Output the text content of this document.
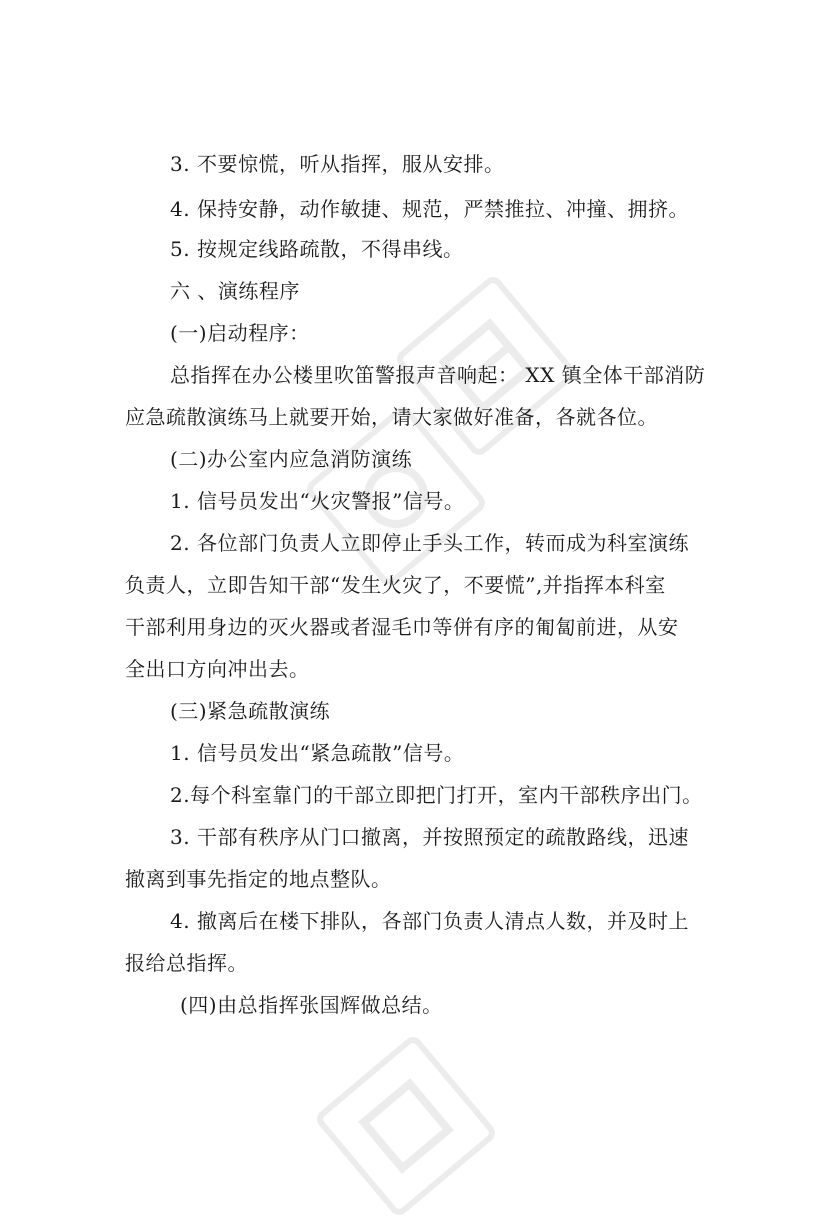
3. 不要惊慌，听从指挥，服从安排。
4. 保持安静，动作敏捷、规范，严禁推拉、冲撞、拥挤。
5. 按规定线路疏散，不得串线。
六 、演练程序
(一)启动程序：
总指挥在办公楼里吹笛警报声音响起： XX 镇全体干部消防
应急疏散演练马上就要开始，请大家做好准备，各就各位。
(二)办公室内应急消防演练
1. 信号员发出“火灾警报”信号。
2. 各位部门负责人立即停止手头工作，转而成为科室演练
负责人，立即告知干部“发生火灾了，不要慌”,并指挥本科室
干部利用身边的灭火器或者湿毛巾等併有序的匍匐前进，从安
全出口方向冲出去。
(三)紧急疏散演练
1. 信号员发出“紧急疏散”信号。
2.每个科室靠门的干部立即把门打开，室内干部秩序出门。
3. 干部有秩序从门口撤离，并按照预定的疏散路线，迅速
撤离到事先指定的地点整队。
4. 撤离后在楼下排队，各部门负责人清点人数，并及时上
报给总指挥。
(四)由总指挥张国辉做总结。
